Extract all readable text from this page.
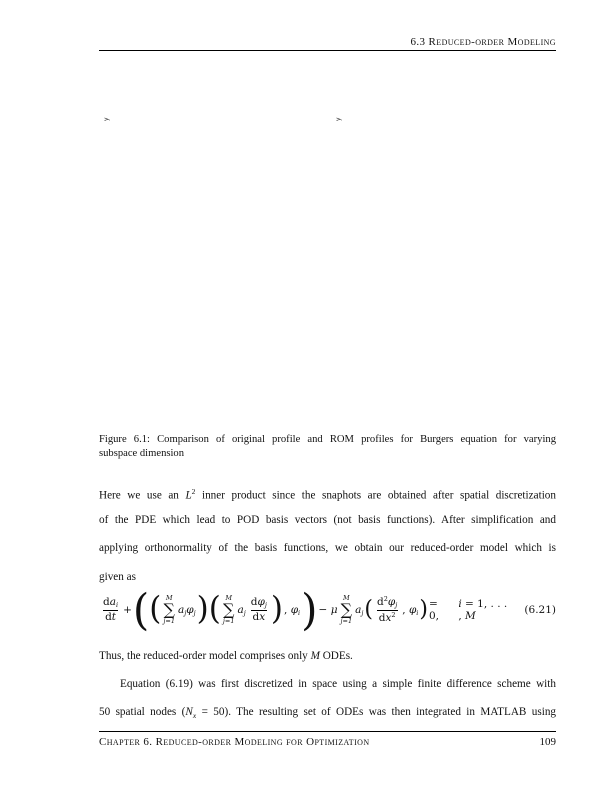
6.3 Reduced-order Modeling
Figure 6.1: Comparison of original profile and ROM profiles for Burgers equation for varying
subspace dimension
Here we use an $L^2$ inner product since the snaphots are obtained after spatial discretization
of the PDE which lead to POD basis vectors (not basis functions). After simplification and
applying orthonormality of the basis functions, we obtain our reduced-order model which is
given as
$\frac{da_i}{dt}$ + ( ( M
∑
j=1
$a_j\varphi_j$ ) ( M
∑
j=1
$a_j \frac{d\varphi_j}{dx}$ ) , $\varphi_i$ ) − μ
M
∑
j=1
$a_j$ ( $\frac{d^2\varphi_j}{dx^2}$ , $\varphi_i$ ) = 0,
i = 1, . . . , M	(6.21)
Thus, the reduced-order model comprises only M ODEs.
Equation (6.19) was first discretized in space using a simple finite difference scheme with
50 spatial nodes $(N_x = 50)$. The resulting set of ODEs was then integrated in MATLAB using
Chapter 6. Reduced-order Modeling for Optimization	109
